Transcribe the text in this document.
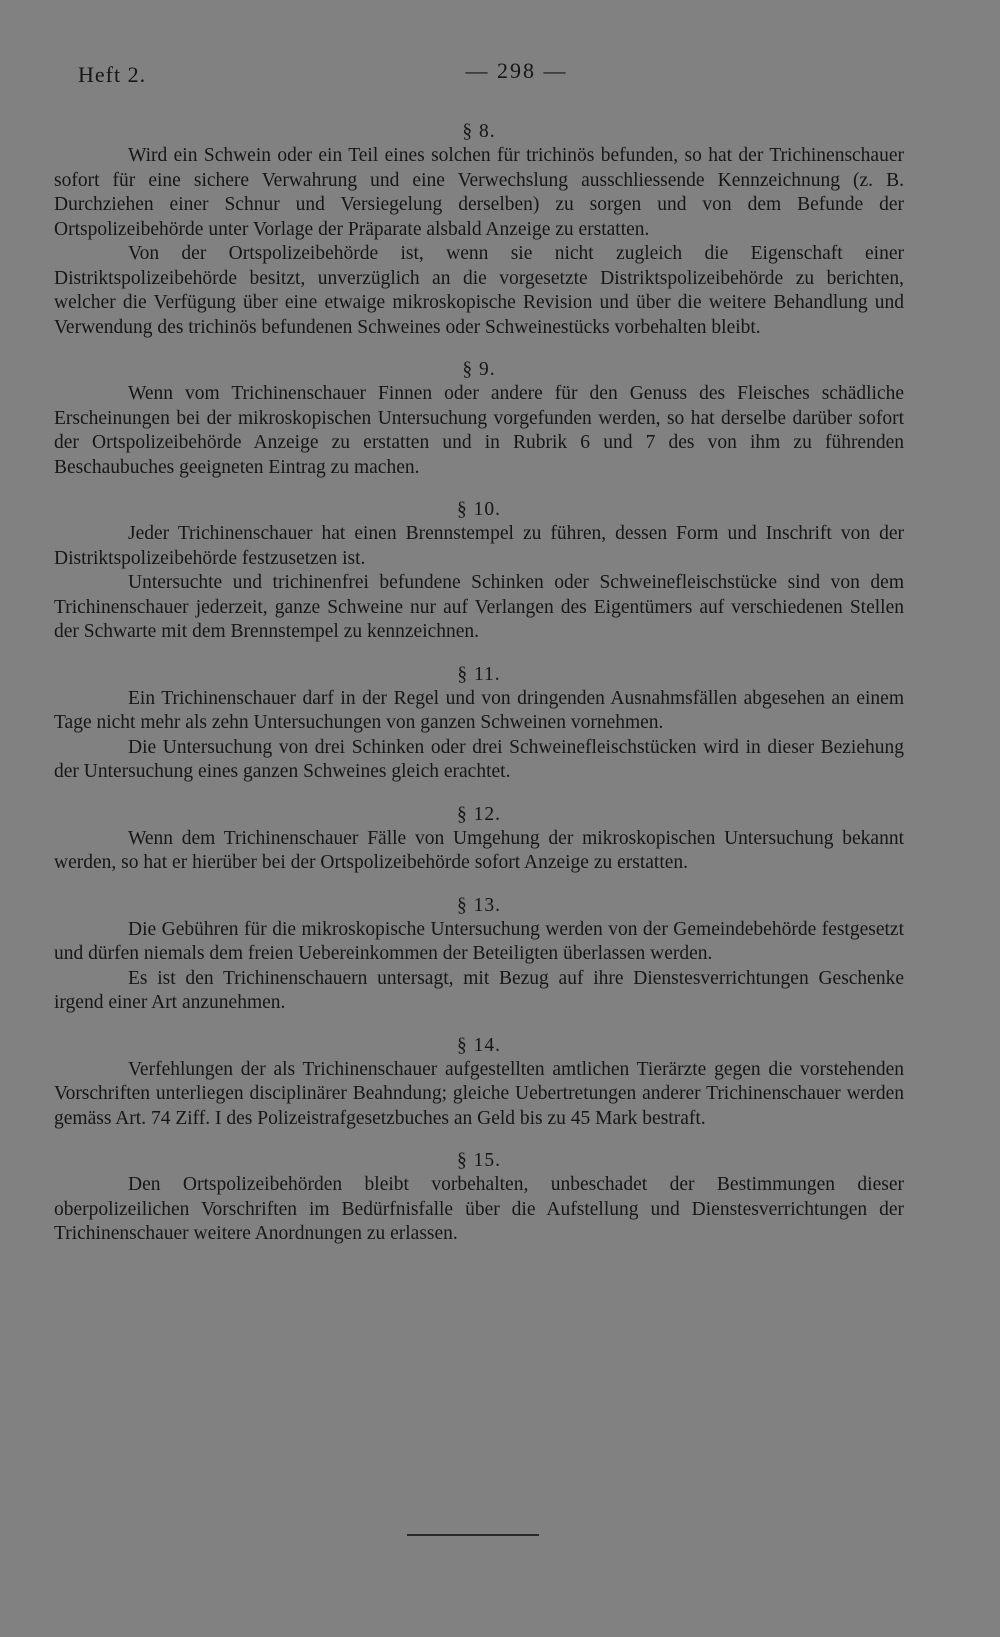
Heft 2.	— 298 —

§ 8.

Wird ein Schwein oder ein Teil eines solchen für trichinös befunden, so hat der Trichinenschauer sofort für eine sichere Verwahrung und eine Verwechslung ausschliessende Kennzeichnung (z. B. Durchziehen einer Schnur und Versiegelung derselben) zu sorgen und von dem Befunde der Ortspolizeibehörde unter Vorlage der Präparate alsbald Anzeige zu erstatten.

Von der Ortspolizeibehörde ist, wenn sie nicht zugleich die Eigenschaft einer Distriktspolizeibehörde besitzt, unverzüglich an die vorgesetzte Distriktspolizeibehörde zu berichten, welcher die Verfügung über eine etwaige mikroskopische Revision und über die weitere Behandlung und Verwendung des trichinös befundenen Schweines oder Schweinestücks vorbehalten bleibt.

§ 9.

Wenn vom Trichinenschauer Finnen oder andere für den Genuss des Fleisches schädliche Erscheinungen bei der mikroskopischen Untersuchung vorgefunden werden, so hat derselbe darüber sofort der Ortspolizeibehörde Anzeige zu erstatten und in Rubrik 6 und 7 des von ihm zu führenden Beschaubuches geeigneten Eintrag zu machen.

§ 10.

Jeder Trichinenschauer hat einen Brennstempel zu führen, dessen Form und Inschrift von der Distriktspolizeibehörde festzusetzen ist.

Untersuchte und trichinenfrei befundene Schinken oder Schweinefleischstücke sind von dem Trichinenschauer jederzeit, ganze Schweine nur auf Verlangen des Eigentümers auf verschiedenen Stellen der Schwarte mit dem Brennstempel zu kennzeichnen.

§ 11.

Ein Trichinenschauer darf in der Regel und von dringenden Ausnahmsfällen abgesehen an einem Tage nicht mehr als zehn Untersuchungen von ganzen Schweinen vornehmen.

Die Untersuchung von drei Schinken oder drei Schweinefleischstücken wird in dieser Beziehung der Untersuchung eines ganzen Schweines gleich erachtet.

§ 12.

Wenn dem Trichinenschauer Fälle von Umgehung der mikroskopischen Untersuchung bekannt werden, so hat er hierüber bei der Ortspolizeibehörde sofort Anzeige zu erstatten.

§ 13.

Die Gebühren für die mikroskopische Untersuchung werden von der Gemeindebehörde festgesetzt und dürfen niemals dem freien Uebereinkommen der Beteiligten überlassen werden.

Es ist den Trichinenschauern untersagt, mit Bezug auf ihre Dienstesverrichtungen Geschenke irgend einer Art anzunehmen.

§ 14.

Verfehlungen der als Trichinenschauer aufgestellten amtlichen Tierärzte gegen die vorstehenden Vorschriften unterliegen disciplinärer Beahndung; gleiche Uebertretungen anderer Trichinenschauer werden gemäss Art. 74 Ziff. I des Polizeistrafgesetzbuches an Geld bis zu 45 Mark bestraft.

§ 15.

Den Ortspolizeibehörden bleibt vorbehalten, unbeschadet der Bestimmungen dieser oberpolizeilichen Vorschriften im Bedürfnisfalle über die Aufstellung und Dienstesverrichtungen der Trichinenschauer weitere Anordnungen zu erlassen.
